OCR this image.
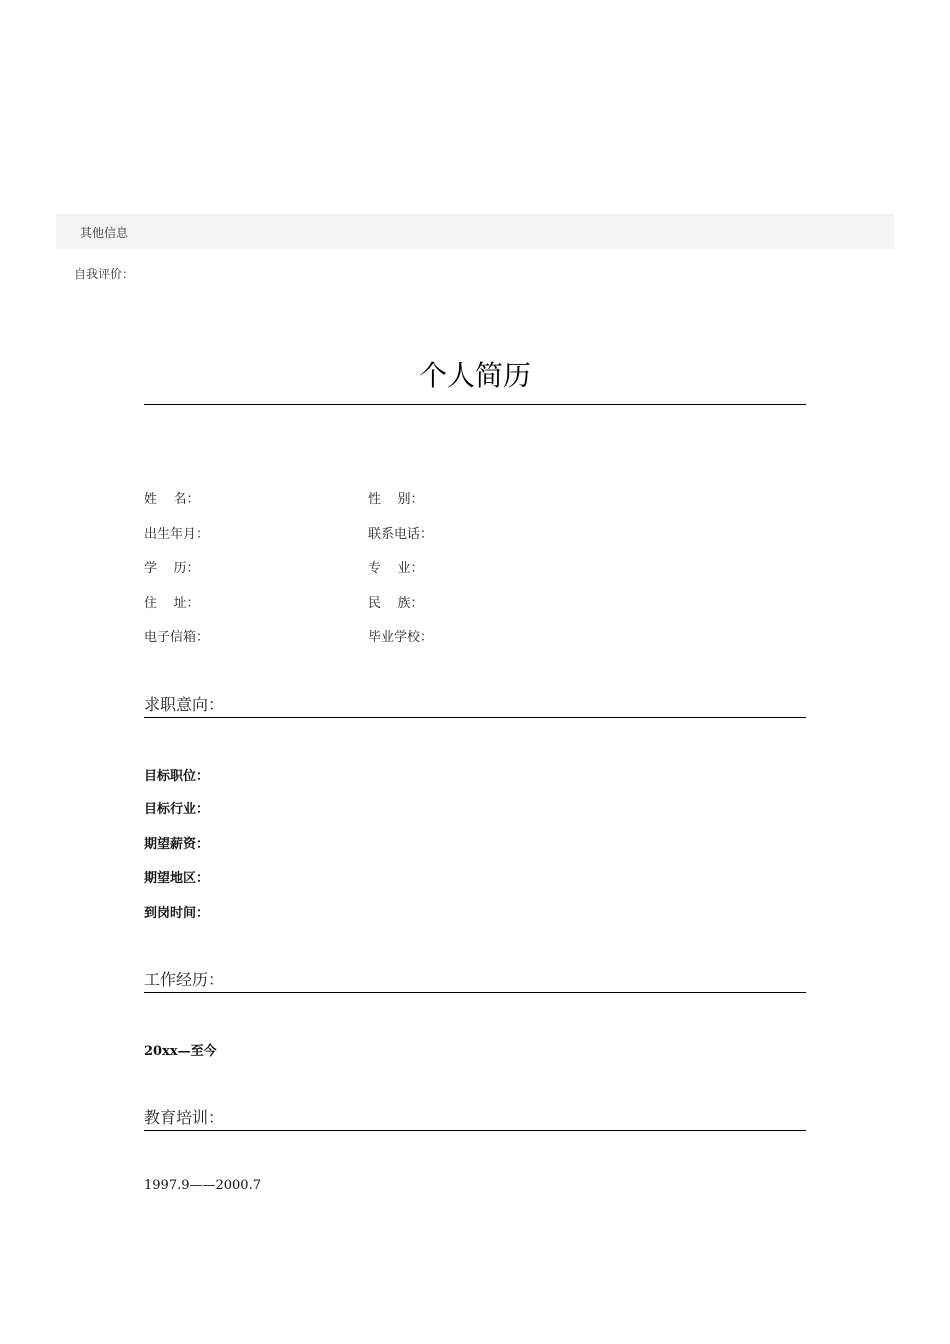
其他信息
自我评价：
个人简历
姓    名：	性    别：
出生年月：	联系电话：
学    历：	专    业：
住    址：	民    族：
电子信箱：	毕业学校：
求职意向：
目标职位：
目标行业：
期望薪资：
期望地区：
到岗时间：
工作经历：
20xx—至今
教育培训：
1997.9——2000.7
